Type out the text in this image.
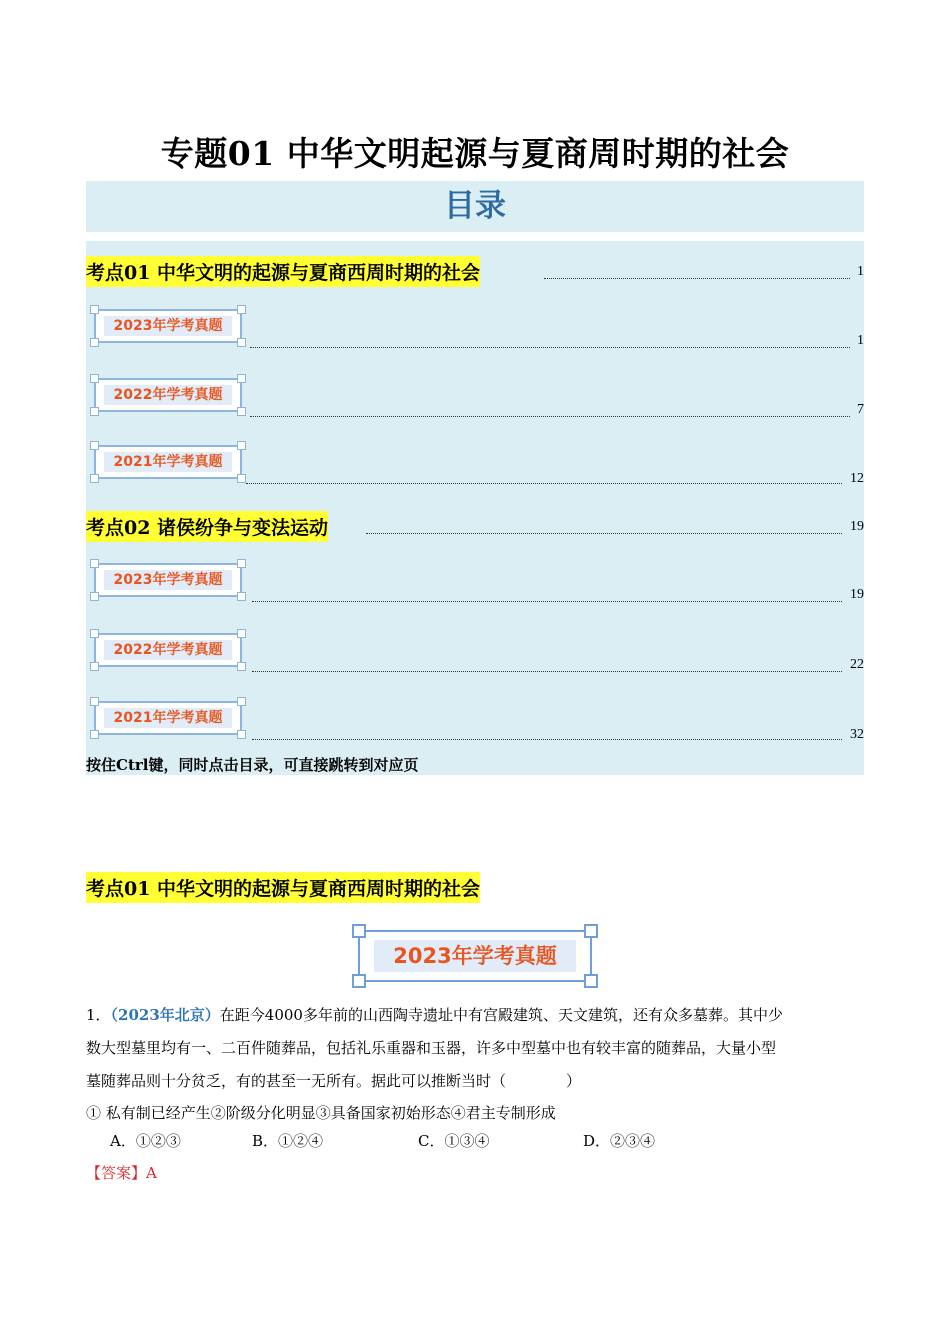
专题01 中华文明起源与夏商周时期的社会
目录
考点01 中华文明的起源与夏商西周时期的社会	1
2023年学考真题
1
2022年学考真题
7
2021年学考真题
12
考点02 诸侯纷争与变法运动	19
2023年学考真题
19
2022年学考真题
22
2021年学考真题
32
按住Ctrl键，同时点击目录，可直接跳转到对应页
考点01 中华文明的起源与夏商西周时期的社会
2023年学考真题
1．（2023年北京）在距今4000多年前的山西陶寺遗址中有宫殿建筑、天文建筑，还有众多墓葬。其中少
数大型墓里均有一、二百件随葬品，包括礼乐重器和玉器，许多中型墓中也有较丰富的随葬品，大量小型
墓随葬品则十分贫乏，有的甚至一无所有。据此可以推断当时（　　　　）
① 私有制已经产生②阶级分化明显③具备国家初始形态④君主专制形成
A．①②③	B．①②④	C．①③④	D．②③④
【答案】A
